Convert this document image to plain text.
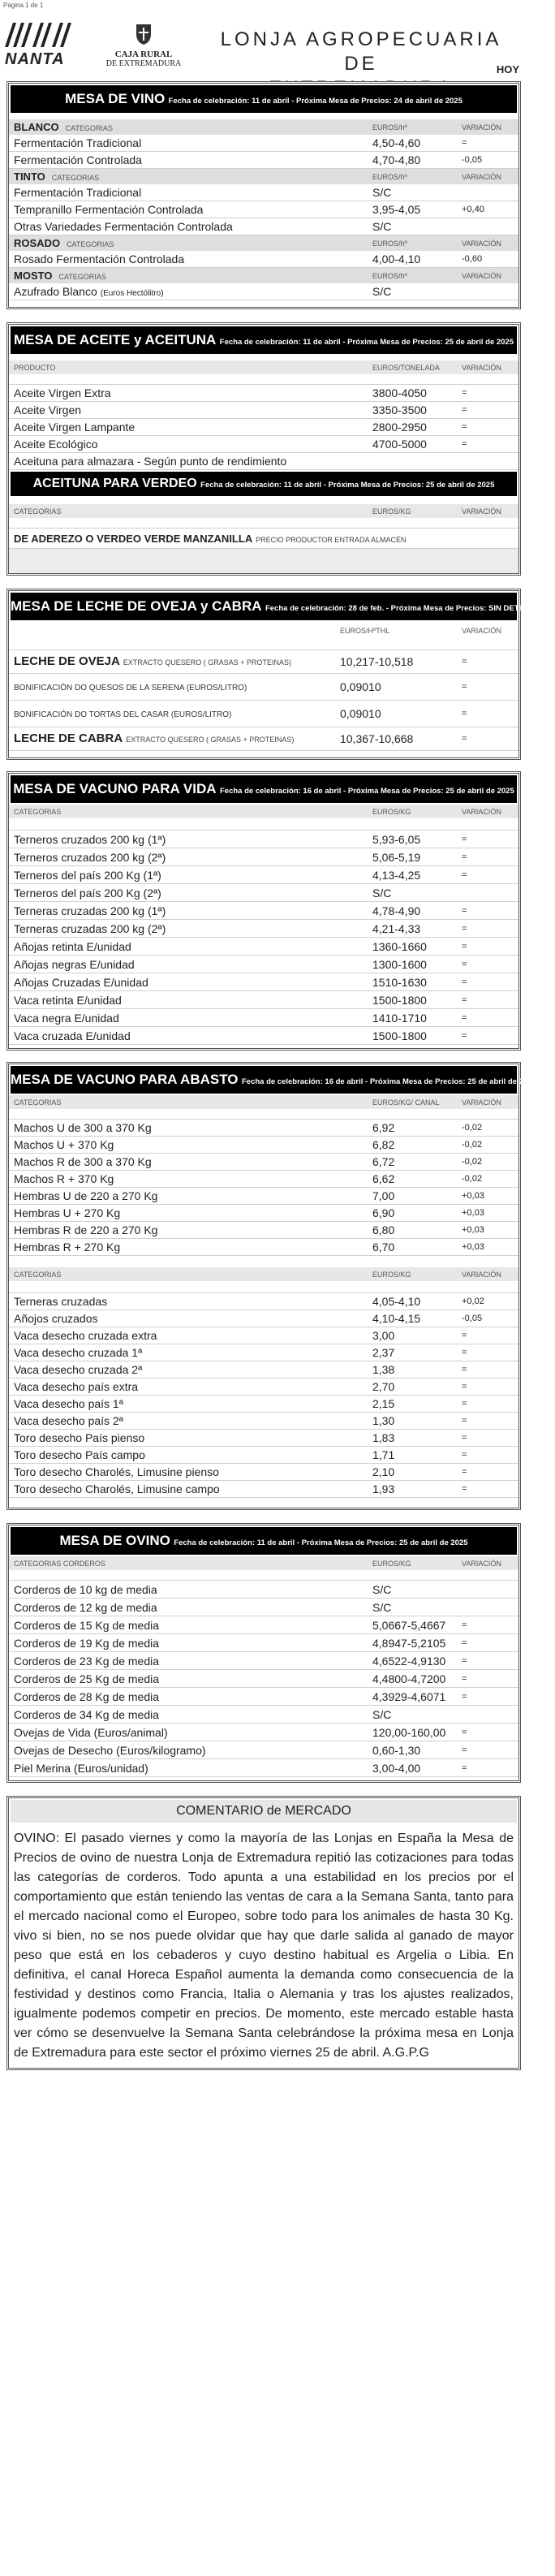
Página 1 de 1
NANTA	CAJA RURAL
DE EXTREMADURA
LONJA AGROPECUARIA DE	HOY
MESA DE VINO Fecha de celebración: 11 de abril - Próxima Mesa de Precios: 24 de abril de 2025
BLANCO CATEGORIAS	EUROS/hº	VARIACIÓN
Fermentación Tradicional	4,50-4,60	=
Fermentación Controlada	4,70-4,80	-0,05
TINTO CATEGORIAS	EUROS/hº	VARIACIÓN
Fermentación Tradicional	S/C
Tempranillo Fermentación Controlada	3,95-4,05	+0,40
Otras Variedades Fermentación Controlada	S/C
ROSADO CATEGORIAS	EUROS/hº	VARIACIÓN
Rosado Fermentación Controlada	4,00-4,10	-0,60
MOSTO CATEGORIAS	EUROS/hº	VARIACIÓN
Azufrado Blanco (Euros Hectólitro)	S/C
MESA DE ACEITE y ACEITUNA Fecha de celebración: 11 de abril - Próxima Mesa de Precios: 25 de abril de 2025
PRODUCTO	EUROS/TONELADA	VARIACIÓN
Aceite Virgen Extra	3800-4050	=
Aceite Virgen	3350-3500	=
Aceite Virgen Lampante	2800-2950	=
Aceite Ecológico	4700-5000	=
Aceituna para almazara - Según punto de rendimiento
ACEITUNA PARA VERDEO Fecha de celebración: 11 de abril - Próxima Mesa de Precios: 25 de abril de 2025
CATEGORIAS	EUROS/KG	VARIACIÓN
DE ADEREZO O VERDEO VERDE MANZANILLA PRECIO PRODUCTOR ENTRADA ALMACÉN
MESA DE LECHE DE OVEJA y CABRA Fecha de celebración: 28 de feb. - Próxima Mesa de Precios: SIN DETERMINAR
EUROS/HºTHL	VARIACIÓN
LECHE DE OVEJA EXTRACTO QUESERO ( GRASAS + PROTEINAS)	10,217-10,518	=
BONIFICACIÓN DO QUESOS DE LA SERENA (EUROS/LITRO)	0,09010	=
BONIFICACIÓN DO TORTAS DEL CASAR (EUROS/LITRO)	0,09010	=
LECHE DE CABRA EXTRACTO QUESERO ( GRASAS + PROTEINAS)	10,367-10,668	=
MESA DE VACUNO PARA VIDA Fecha de celebración: 16 de abril - Próxima Mesa de Precios: 25 de abril de 2025
CATEGORIAS	EUROS/KG	VARIACIÓN
Terneros cruzados 200 kg (1ª)	5,93-6,05	=
Terneros cruzados 200 kg (2ª)	5,06-5,19	=
Terneros del país 200 Kg (1ª)	4,13-4,25	=
Terneros del país 200 Kg (2ª)	S/C
Terneras cruzadas 200 kg (1ª)	4,78-4,90	=
Terneras cruzadas 200 kg (2ª)	4,21-4,33	=
Añojas retinta E/unidad	1360-1660	=
Añojas negras E/unidad	1300-1600	=
Añojas Cruzadas E/unidad	1510-1630	=
Vaca retinta E/unidad	1500-1800	=
Vaca negra E/unidad	1410-1710	=
Vaca cruzada E/unidad	1500-1800	=
MESA DE VACUNO PARA ABASTO Fecha de celebración: 16 de abril - Próxima Mesa de Precios: 25 de abril de 2025
CATEGORIAS	EUROS/KG/ CANAL	VARIACIÓN
Machos U de 300 a 370 Kg	6,92	-0,02
Machos U + 370 Kg	6,82	-0,02
Machos R de 300 a 370 Kg	6,72	-0,02
Machos R + 370 Kg	6,62	-0,02
Hembras U de 220 a 270 Kg	7,00	+0,03
Hembras U + 270 Kg	6,90	+0,03
Hembras R de 220 a 270 Kg	6,80	+0,03
Hembras R + 270 Kg	6,70	+0,03
CATEGORIAS	EUROS/KG	VARIACIÓN
Terneras cruzadas	4,05-4,10	+0,02
Añojos cruzados	4,10-4,15	-0,05
Vaca desecho cruzada extra	3,00	=
Vaca desecho cruzada 1ª	2,37	=
Vaca desecho cruzada 2ª	1,38	=
Vaca desecho país extra	2,70	=
Vaca desecho país 1ª	2,15	=
Vaca desecho país 2ª	1,30	=
Toro desecho País pienso	1,83	=
Toro desecho País campo	1,71	=
Toro desecho Charolés, Limusine pienso	2,10	=
Toro desecho Charolés, Limusine campo	1,93	=
MESA DE OVINO Fecha de celebración: 11 de abril - Próxima Mesa de Precios: 25 de abril de 2025
CATEGORIAS CORDEROS	EUROS/KG	VARIACIÓN
Corderos de 10 kg de media	S/C
Corderos de 12 kg de media	S/C
Corderos de 15 Kg de media	5,0667-5,4667	=
Corderos de 19 Kg de media	4,8947-5,2105	=
Corderos de 23 Kg de media	4,6522-4,9130	=
Corderos de 25 Kg de media	4,4800-4,7200	=
Corderos de 28 Kg de media	4,3929-4,6071	=
Corderos de 34 Kg de media	S/C
Ovejas de Vida (Euros/animal)	120,00-160,00	=
Ovejas de Desecho (Euros/kilogramo)	0,60-1,30	=
Piel Merina (Euros/unidad)	3,00-4,00	=
COMENTARIO de MERCADO
OVINO: El pasado viernes y como la mayoría de las Lonjas en España la Mesa de Precios de ovino de nuestra Lonja de Extremadura repitió las cotizaciones para todas las categorías de corderos. Todo apunta a una estabilidad en los precios por el comportamiento que están teniendo las ventas de cara a la Semana Santa, tanto para el mercado nacional como el Europeo, sobre todo para los animales de hasta 30 Kg. vivo si bien, no se nos puede olvidar que hay que darle salida al ganado de mayor peso que está en los cebaderos y cuyo destino habitual es Argelia o Libia. En definitiva, el canal Horeca Español aumenta la demanda como consecuencia de la festividad y destinos como Francia, Italia o Alemania y tras los ajustes realizados, igualmente podemos competir en precios. De momento, este mercado estable hasta ver cómo se desenvuelve la Semana Santa celebrándose la próxima mesa en Lonja de Extremadura para este sector el próximo viernes 25 de abril. A.G.P.G
